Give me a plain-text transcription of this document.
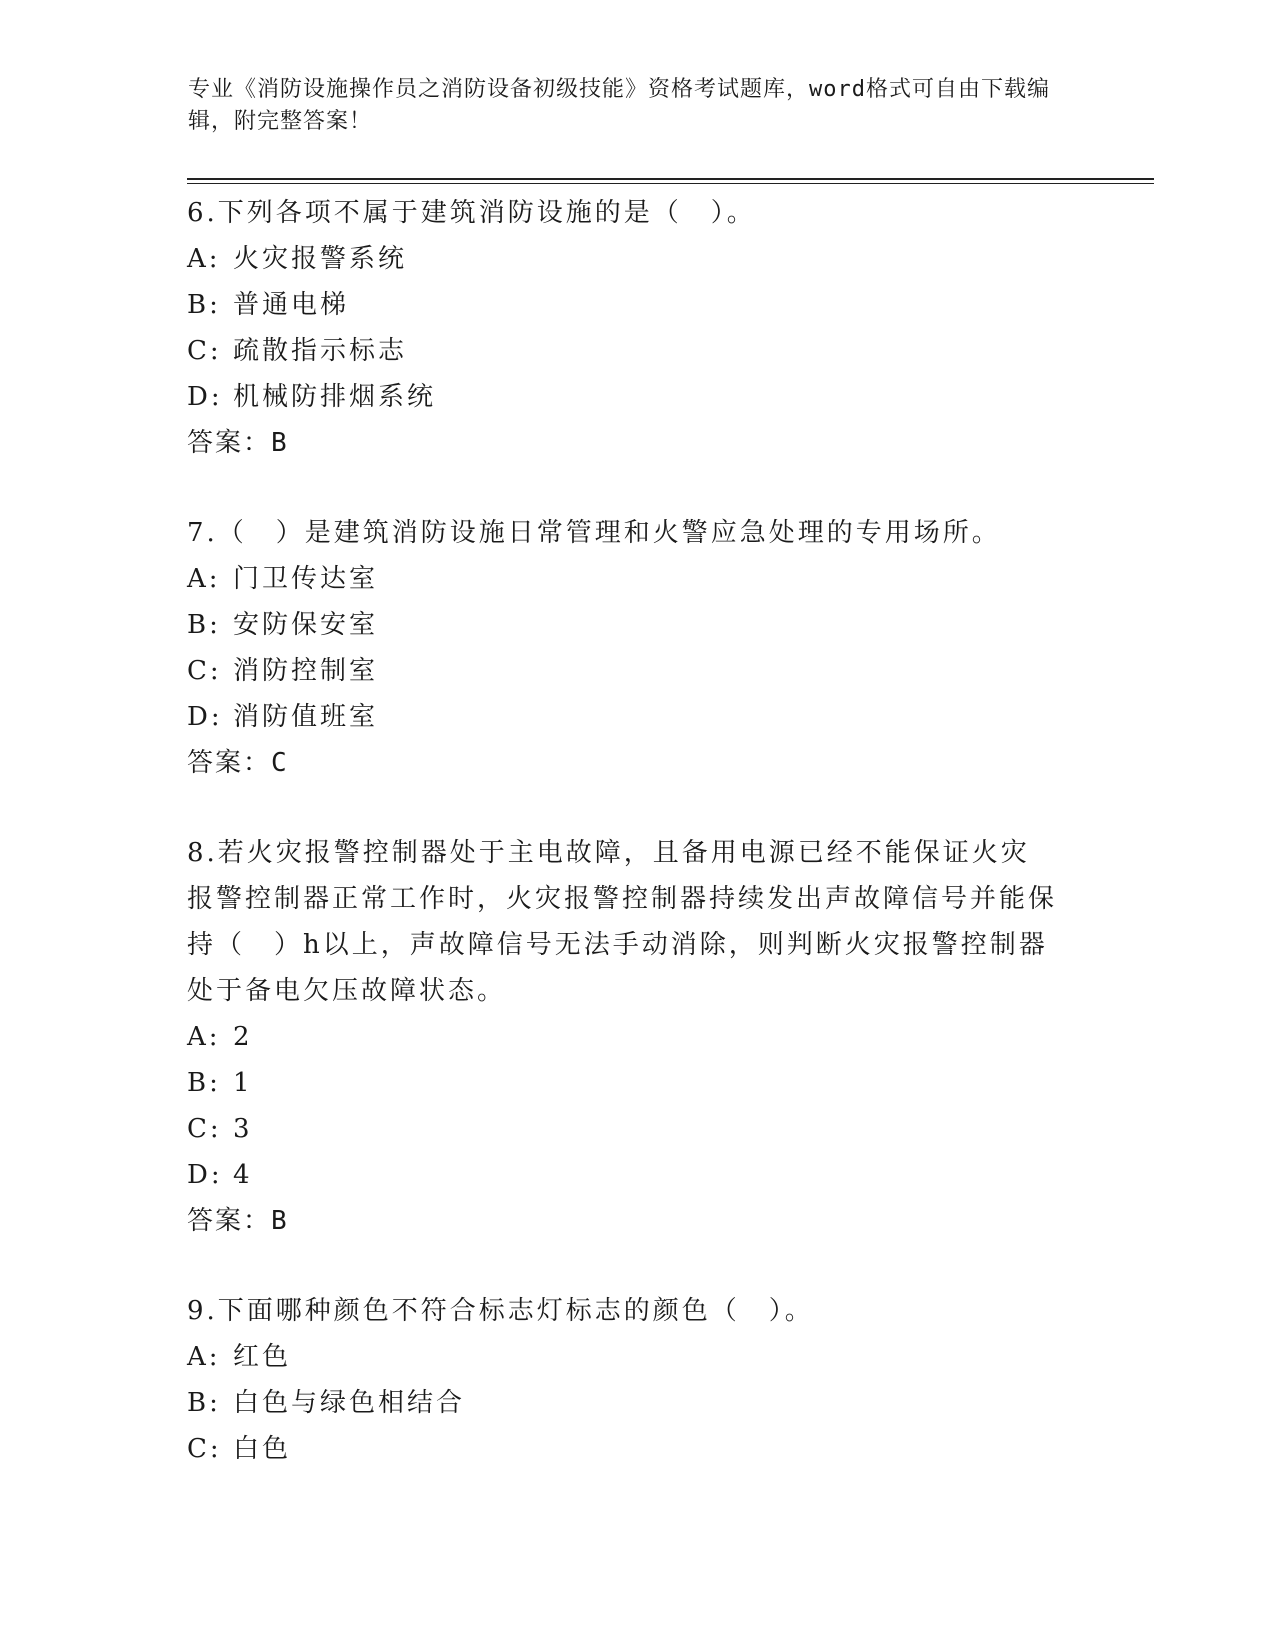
专业《消防设施操作员之消防设备初级技能》资格考试题库，word格式可自由下载编辑，附完整答案！
6.下列各项不属于建筑消防设施的是（　）。
A: 火灾报警系统
B: 普通电梯
C: 疏散指示标志
D: 机械防排烟系统
答案：B
7.（　）是建筑消防设施日常管理和火警应急处理的专用场所。
A: 门卫传达室
B: 安防保安室
C: 消防控制室
D: 消防值班室
答案：C
8.若火灾报警控制器处于主电故障，且备用电源已经不能保证火灾报警控制器正常工作时，火灾报警控制器持续发出声故障信号并能保持（　）h以上，声故障信号无法手动消除，则判断火灾报警控制器处于备电欠压故障状态。
A: 2
B: 1
C: 3
D: 4
答案：B
9.下面哪种颜色不符合标志灯标志的颜色（　）。
A: 红色
B: 白色与绿色相结合
C: 白色
